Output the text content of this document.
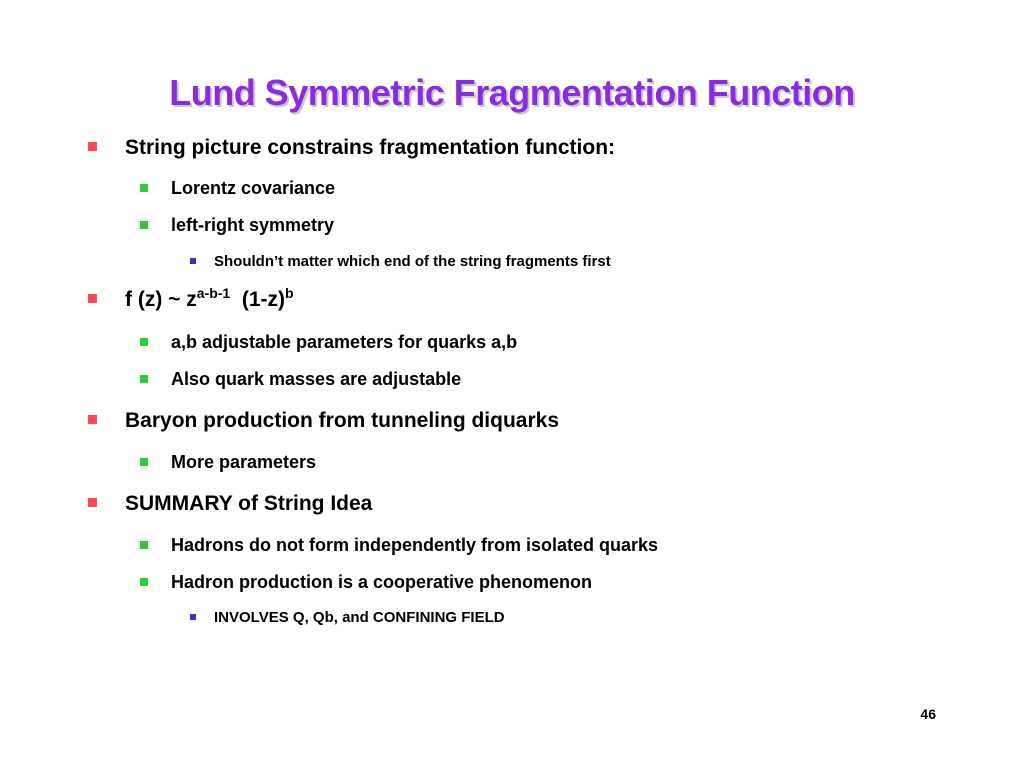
Lund Symmetric Fragmentation Function
String picture constrains fragmentation function:
Lorentz covariance
left-right symmetry
Shouldn’t matter which end of the string fragments first
f (z) ~ $z^{a-b-1}$ $(1-z)^b$
a,b adjustable parameters for quarks a,b
Also quark masses are adjustable
Baryon production from tunneling diquarks
More parameters
SUMMARY of String Idea
Hadrons do not form independently from isolated quarks
Hadron production is a cooperative phenomenon
INVOLVES Q, Qb, and CONFINING FIELD
46
